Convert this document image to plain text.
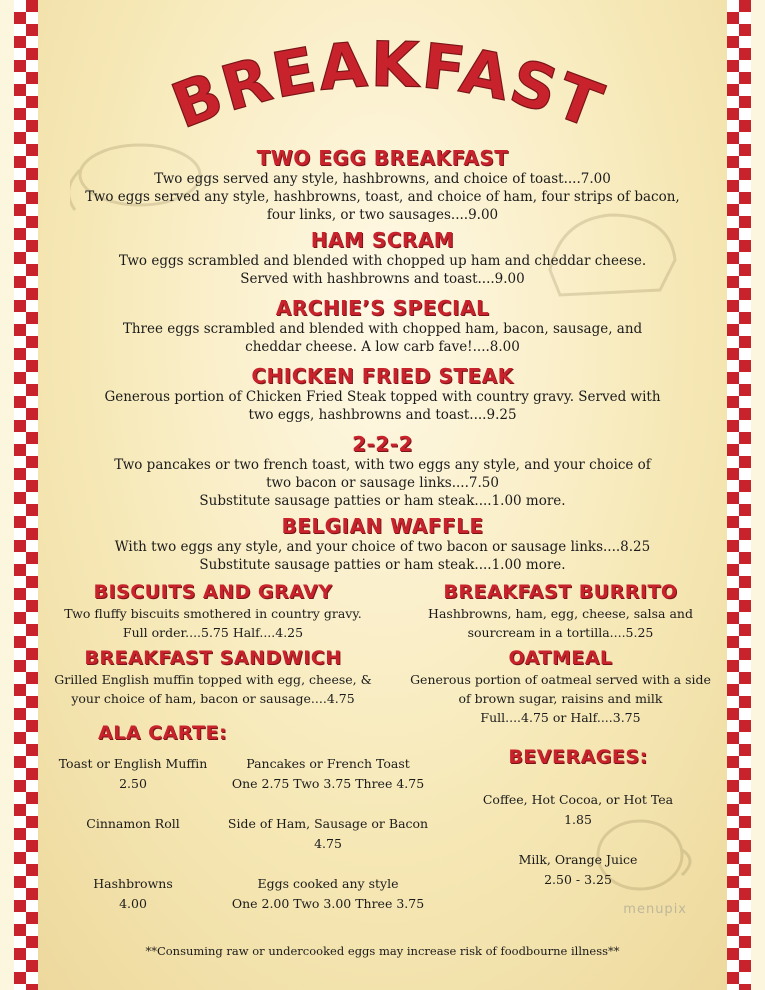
BREAKFAST
TWO EGG BREAKFAST
Two eggs served any style, hashbrowns, and choice of toast....7.00
Two eggs served any style, hashbrowns, toast, and choice of ham, four strips of bacon,
four links, or two sausages....9.00
HAM SCRAM
Two eggs scrambled and blended with chopped up ham and cheddar cheese.
Served with hashbrowns and toast....9.00
ARCHIE’S SPECIAL
Three eggs scrambled and blended with chopped ham, bacon, sausage, and
cheddar cheese. A low carb fave!....8.00
CHICKEN FRIED STEAK
Generous portion of Chicken Fried Steak topped with country gravy. Served with
two eggs, hashbrowns and toast....9.25
2-2-2
Two pancakes or two french toast, with two eggs any style, and your choice of
two bacon or sausage links....7.50
Substitute sausage patties or ham steak....1.00 more.
BELGIAN WAFFLE
With two eggs any style, and your choice of two bacon or sausage links....8.25
Substitute sausage patties or ham steak....1.00 more.
BISCUITS AND GRAVY
Two fluffy biscuits smothered in country gravy.
Full order....5.75 Half....4.25
BREAKFAST SANDWICH
Grilled English muffin topped with egg, cheese, &
your choice of ham, bacon or sausage....4.75
BREAKFAST BURRITO
Hashbrowns, ham, egg, cheese, salsa and
sourcream in a tortilla....5.25
OATMEAL
Generous portion of oatmeal served with a side
of brown sugar, raisins and milk
Full....4.75 or Half....3.75
ALA CARTE:
Toast or English Muffin
2.50
Pancakes or French Toast
One 2.75 Two 3.75 Three 4.75
Cinnamon Roll	Side of Ham, Sausage or Bacon
4.75
Hashbrowns
4.00
Eggs cooked any style
One 2.00 Two 3.00 Three 3.75
BEVERAGES:
Coffee, Hot Cocoa, or Hot Tea
1.85
Milk, Orange Juice
2.50 - 3.25
**Consuming raw or undercooked eggs may increase risk of foodbourne illness**
menupix
